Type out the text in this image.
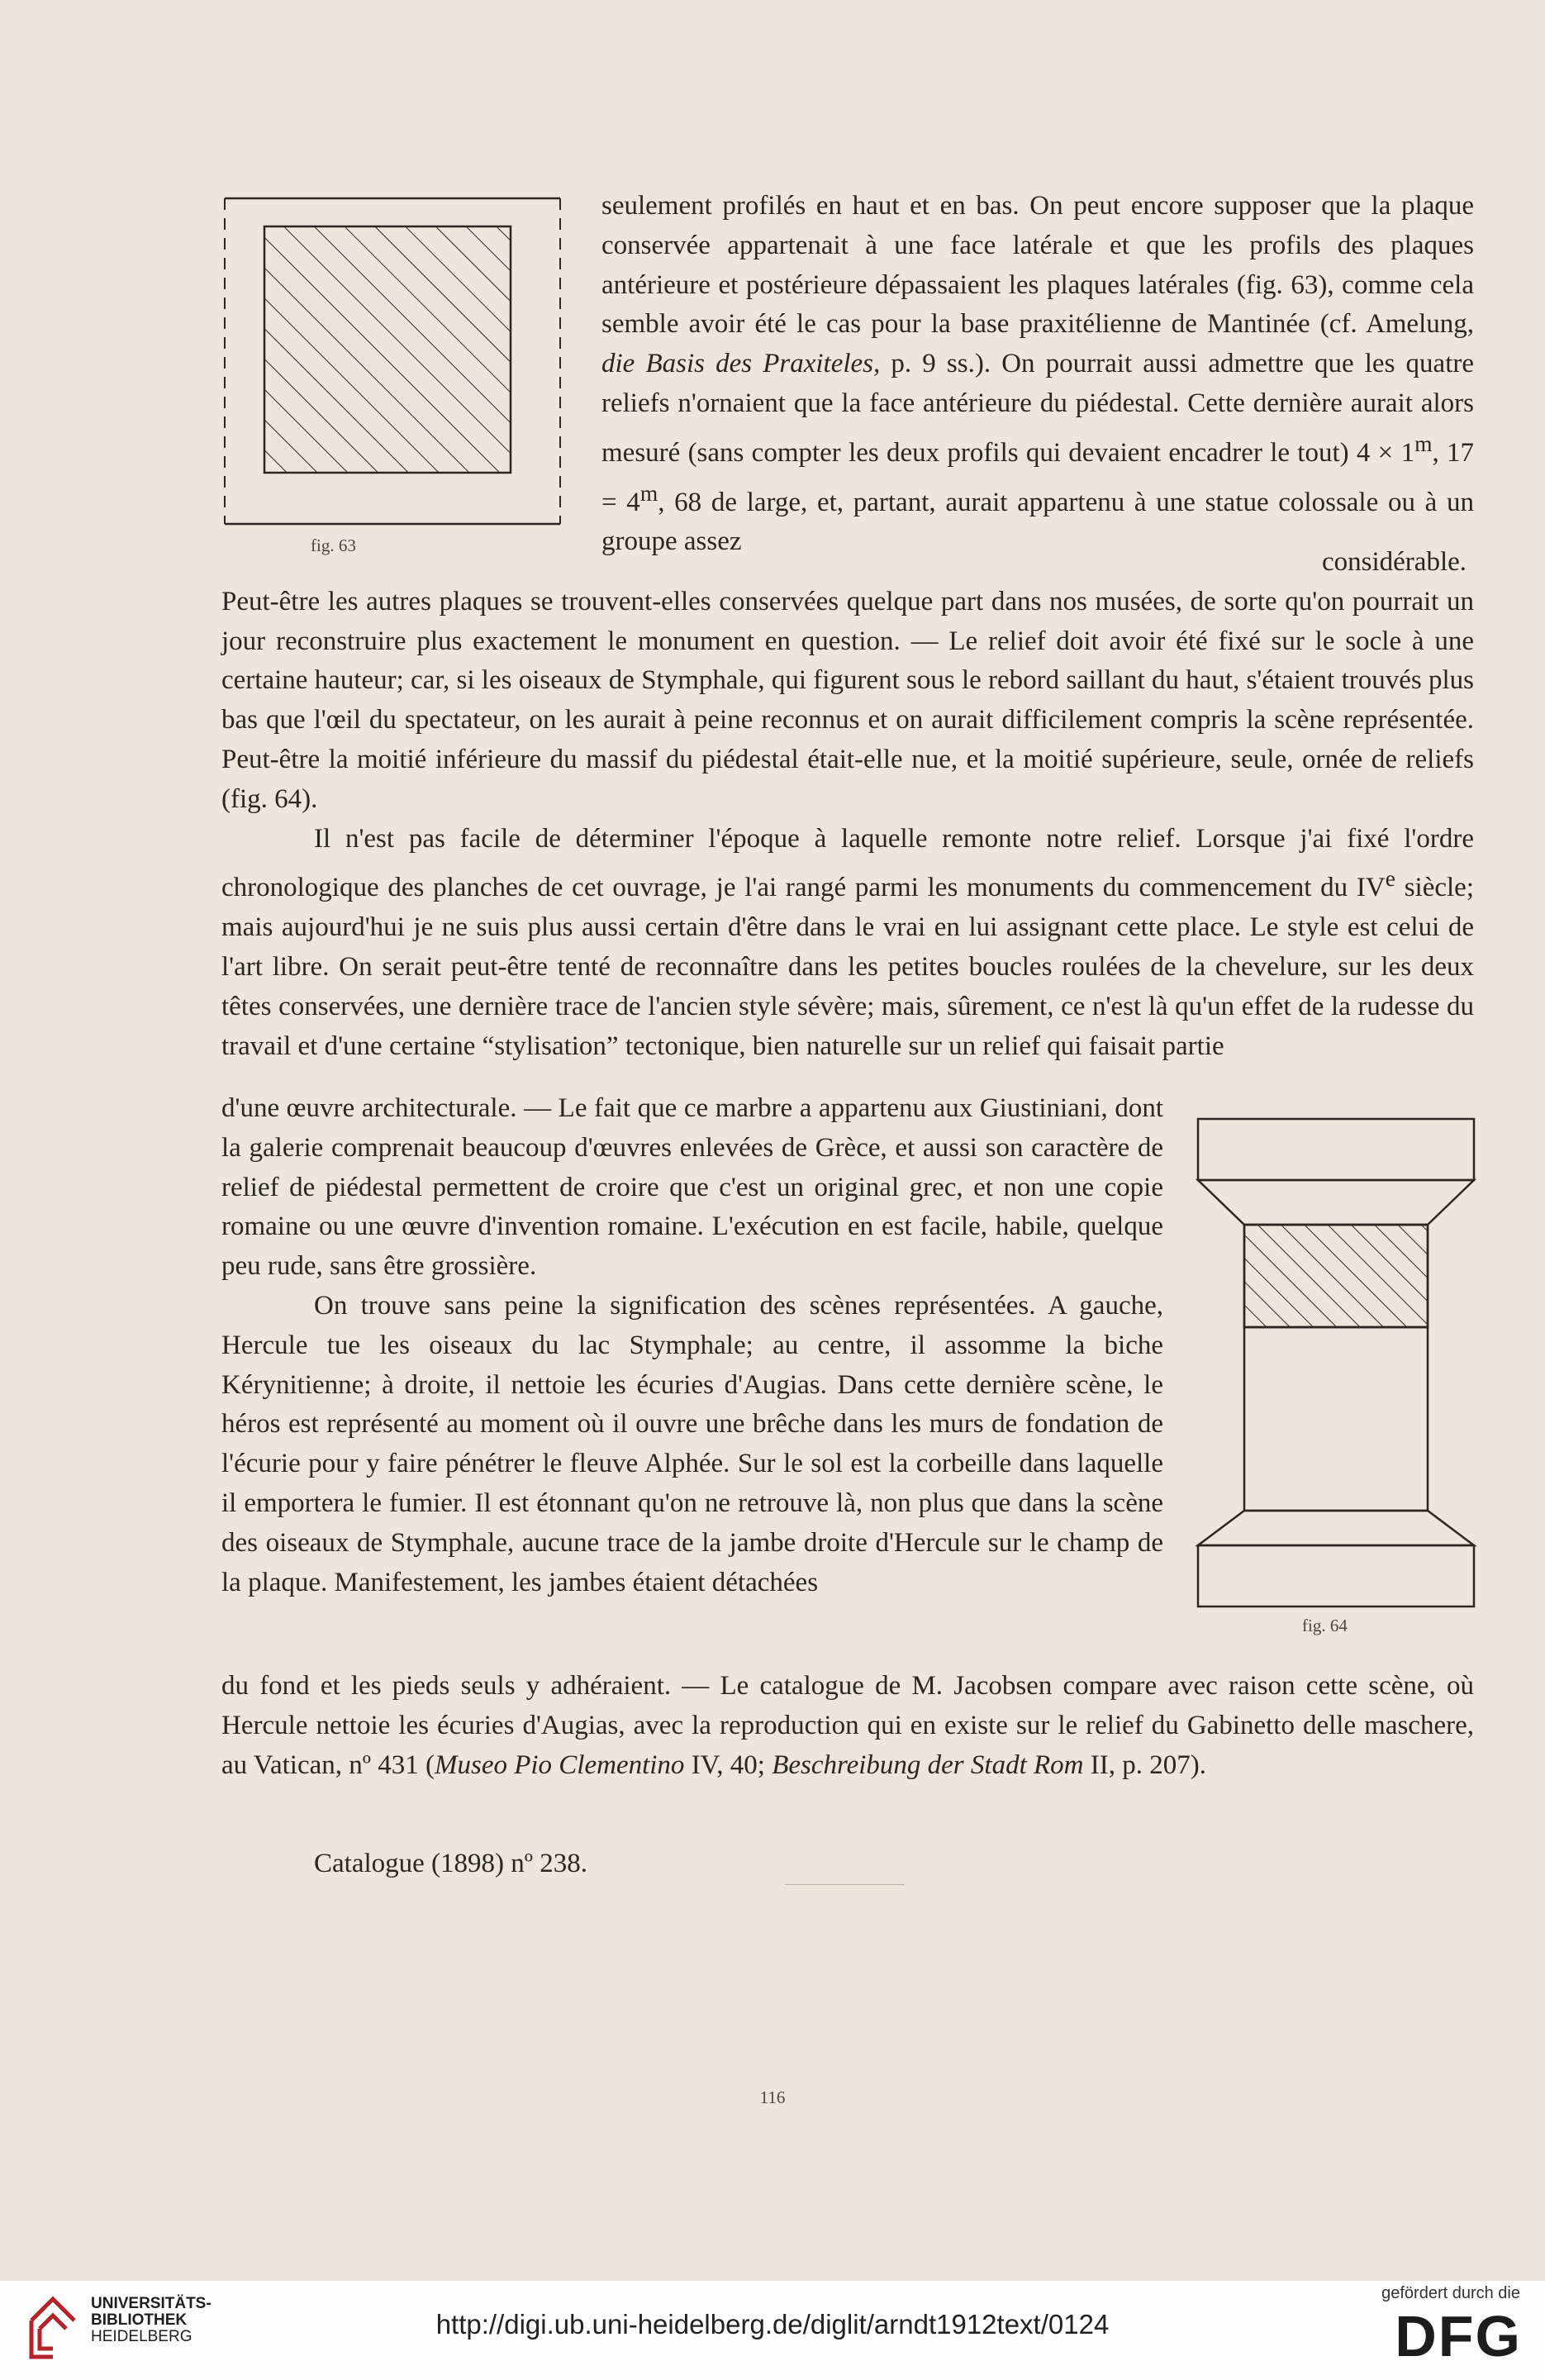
fig. 63

seulement profilés en haut et en bas. On peut encore supposer que la plaque conservée appartenait à une face latérale et que les profils des plaques antérieure et postérieure dépassaient les plaques latérales (fig. 63), comme cela semble avoir été le cas pour la base praxitélienne de Mantinée (cf. Amelung, die Basis des Praxiteles, p. 9 ss.). On pourrait aussi admettre que les quatre reliefs n'ornaient que la face antérieure du piédestal. Cette dernière aurait alors mesuré (sans compter les deux profils qui devaient encadrer le tout) $4 \times 1^m$, $17 = 4^m$, 68 de large, et, partant, aurait appartenu à une statue colossale ou à un groupe assez

considérable. Peut-être les autres plaques se trouvent-elles conservées quelque part dans nos musées, de sorte qu'on pourrait un jour reconstruire plus exactement le monument en question. — Le relief doit avoir été fixé sur le socle à une certaine hauteur; car, si les oiseaux de Stymphale, qui figurent sous le rebord saillant du haut, s'étaient trouvés plus bas que l'œil du spectateur, on les aurait à peine reconnus et on aurait difficilement compris la scène représentée. Peut-être la moitié inférieure du massif du piédestal était-elle nue, et la moitié supérieure, seule, ornée de reliefs (fig. 64).

Il n'est pas facile de déterminer l'époque à laquelle remonte notre relief. Lorsque j'ai fixé l'ordre chronologique des planches de cet ouvrage, je l'ai rangé parmi les monuments du commencement du IVe siècle; mais aujourd'hui je ne suis plus aussi certain d'être dans le vrai en lui assignant cette place. Le style est celui de l'art libre. On serait peut-être tenté de reconnaître dans les petites boucles roulées de la chevelure, sur les deux têtes conservées, une dernière trace de l'ancien style sévère; mais, sûrement, ce n'est là qu'un effet de la rudesse du travail et d'une certaine “stylisation” tectonique, bien naturelle sur un relief qui faisait partie

fig. 64

d'une œuvre architecturale. — Le fait que ce marbre a appartenu aux Giustiniani, dont la galerie comprenait beaucoup d'œuvres enlevées de Grèce, et aussi son caractère de relief de piédestal permettent de croire que c'est un original grec, et non une copie romaine ou une œuvre d'invention romaine. L'exécution en est facile, habile, quelque peu rude, sans être grossière.

On trouve sans peine la signification des scènes représentées. A gauche, Hercule tue les oiseaux du lac Stymphale; au centre, il assomme la biche Kérynitienne; à droite, il nettoie les écuries d'Augias. Dans cette dernière scène, le héros est représenté au moment où il ouvre une brêche dans les murs de fondation de l'écurie pour y faire pénétrer le fleuve Alphée. Sur le sol est la corbeille dans laquelle il emportera le fumier. Il est étonnant qu'on ne retrouve là, non plus que dans la scène des oiseaux de Stymphale, aucune trace de la jambe droite d'Hercule sur le champ de la plaque. Manifestement, les jambes étaient détachées

du fond et les pieds seuls y adhéraient. — Le catalogue de M. Jacobsen compare avec raison cette scène, où Hercule nettoie les écuries d'Augias, avec la reproduction qui en existe sur le relief du Gabinetto delle maschere, au Vatican, nº 431 (Museo Pio Clementino IV, 40; Beschreibung der Stadt Rom II, p. 207).

Catalogue (1898) nº 238.
116
UNIVERSITÄTS-
BIBLIOTHEK
HEIDELBERG	http://digi.ub.uni-heidelberg.de/diglit/arndt1912text/0124
gefördert durch die
DFG
